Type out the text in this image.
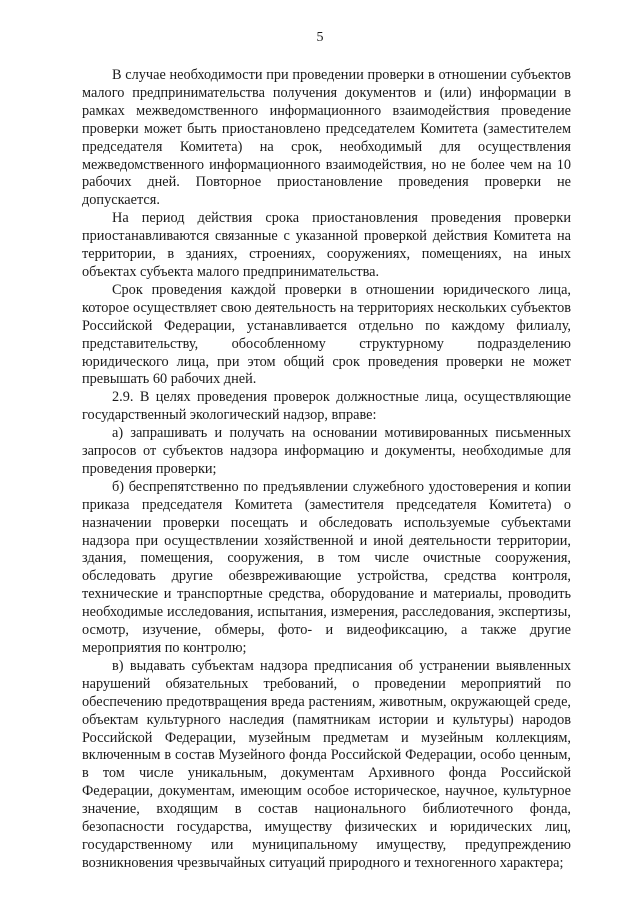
5

В случае необходимости при проведении проверки в отношении субъектов малого предпринимательства получения документов и (или) информации в рамках межведомственного информационного взаимодействия проведение проверки может быть приостановлено председателем Комитета (заместителем председателя Комитета) на срок, необходимый для осуществления межведомственного информационного взаимодействия, но не более чем на 10 рабочих дней. Повторное приостановление проведения проверки не допускается.

На период действия срока приостановления проведения проверки приостанавливаются связанные с указанной проверкой действия Комитета на территории, в зданиях, строениях, сооружениях, помещениях, на иных объектах субъекта малого предпринимательства.

Срок проведения каждой проверки в отношении юридического лица, которое осуществляет свою деятельность на территориях нескольких субъектов Российской Федерации, устанавливается отдельно по каждому филиалу, представительству, обособленному структурному подразделению юридического лица, при этом общий срок проведения проверки не может превышать 60 рабочих дней.

2.9. В целях проведения проверок должностные лица, осуществляющие государственный экологический надзор, вправе:

а) запрашивать и получать на основании мотивированных письменных запросов от субъектов надзора информацию и документы, необходимые для проведения проверки;

б) беспрепятственно по предъявлении служебного удостоверения и копии приказа председателя Комитета (заместителя председателя Комитета) о назначении проверки посещать и обследовать используемые субъектами надзора при осуществлении хозяйственной и иной деятельности территории, здания, помещения, сооружения, в том числе очистные сооружения, обследовать другие обезвреживающие устройства, средства контроля, технические и транспортные средства, оборудование и материалы, проводить необходимые исследования, испытания, измерения, расследования, экспертизы, осмотр, изучение, обмеры, фото- и видеофиксацию, а также другие мероприятия по контролю;

в) выдавать субъектам надзора предписания об устранении выявленных нарушений обязательных требований, о проведении мероприятий по обеспечению предотвращения вреда растениям, животным, окружающей среде, объектам культурного наследия (памятникам истории и культуры) народов Российской Федерации, музейным предметам и музейным коллекциям, включенным в состав Музейного фонда Российской Федерации, особо ценным, в том числе уникальным, документам Архивного фонда Российской Федерации, документам, имеющим особое историческое, научное, культурное значение, входящим в состав национального библиотечного фонда, безопасности государства, имуществу физических и юридических лиц, государственному или муниципальному имуществу, предупреждению возникновения чрезвычайных ситуаций природного и техногенного характера;
